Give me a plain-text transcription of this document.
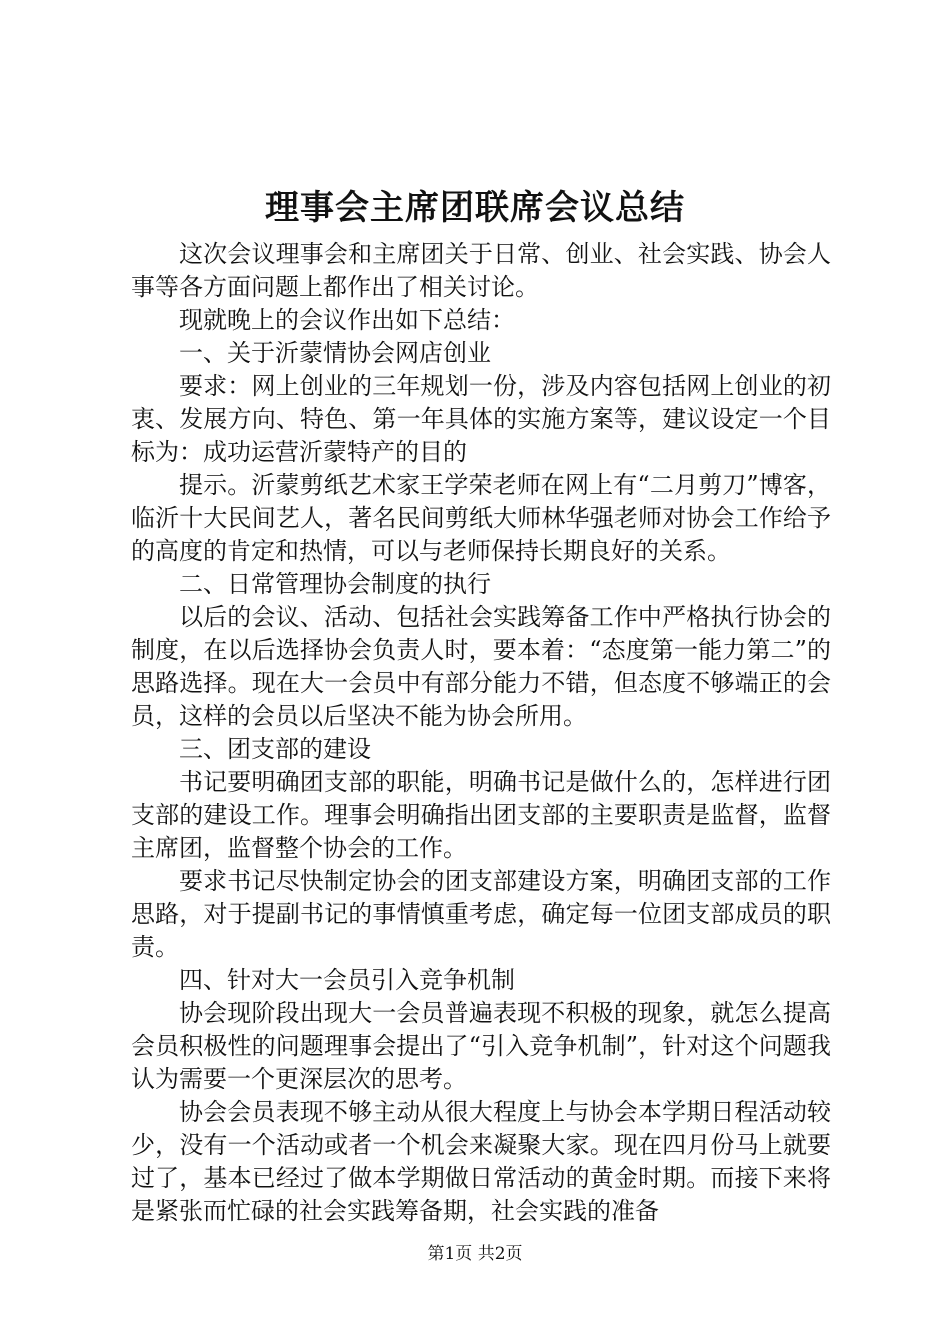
理事会主席团联席会议总结

这次会议理事会和主席团关于日常、创业、社会实践、协会人事等各方面问题上都作出了相关讨论。

现就晚上的会议作出如下总结：

一、关于沂蒙情协会网店创业

要求：网上创业的三年规划一份，涉及内容包括网上创业的初衷、发展方向、特色、第一年具体的实施方案等，建议设定一个目标为：成功运营沂蒙特产的目的

提示。沂蒙剪纸艺术家王学荣老师在网上有“二月剪刀”博客，临沂十大民间艺人，著名民间剪纸大师林华强老师对协会工作给予的高度的肯定和热情，可以与老师保持长期良好的关系。

二、日常管理协会制度的执行

以后的会议、活动、包括社会实践筹备工作中严格执行协会的制度，在以后选择协会负责人时，要本着：“态度第一能力第二”的思路选择。现在大一会员中有部分能力不错，但态度不够端正的会员，这样的会员以后坚决不能为协会所用。

三、团支部的建设

书记要明确团支部的职能，明确书记是做什么的，怎样进行团支部的建设工作。理事会明确指出团支部的主要职责是监督，监督主席团，监督整个协会的工作。

要求书记尽快制定协会的团支部建设方案，明确团支部的工作思路，对于提副书记的事情慎重考虑，确定每一位团支部成员的职责。

四、针对大一会员引入竞争机制

协会现阶段出现大一会员普遍表现不积极的现象，就怎么提高会员积极性的问题理事会提出了“引入竞争机制”，针对这个问题我认为需要一个更深层次的思考。

协会会员表现不够主动从很大程度上与协会本学期日程活动较少，没有一个活动或者一个机会来凝聚大家。现在四月份马上就要过了，基本已经过了做本学期做日常活动的黄金时期。而接下来将是紧张而忙碌的社会实践筹备期，社会实践的准备

第1页 共2页
